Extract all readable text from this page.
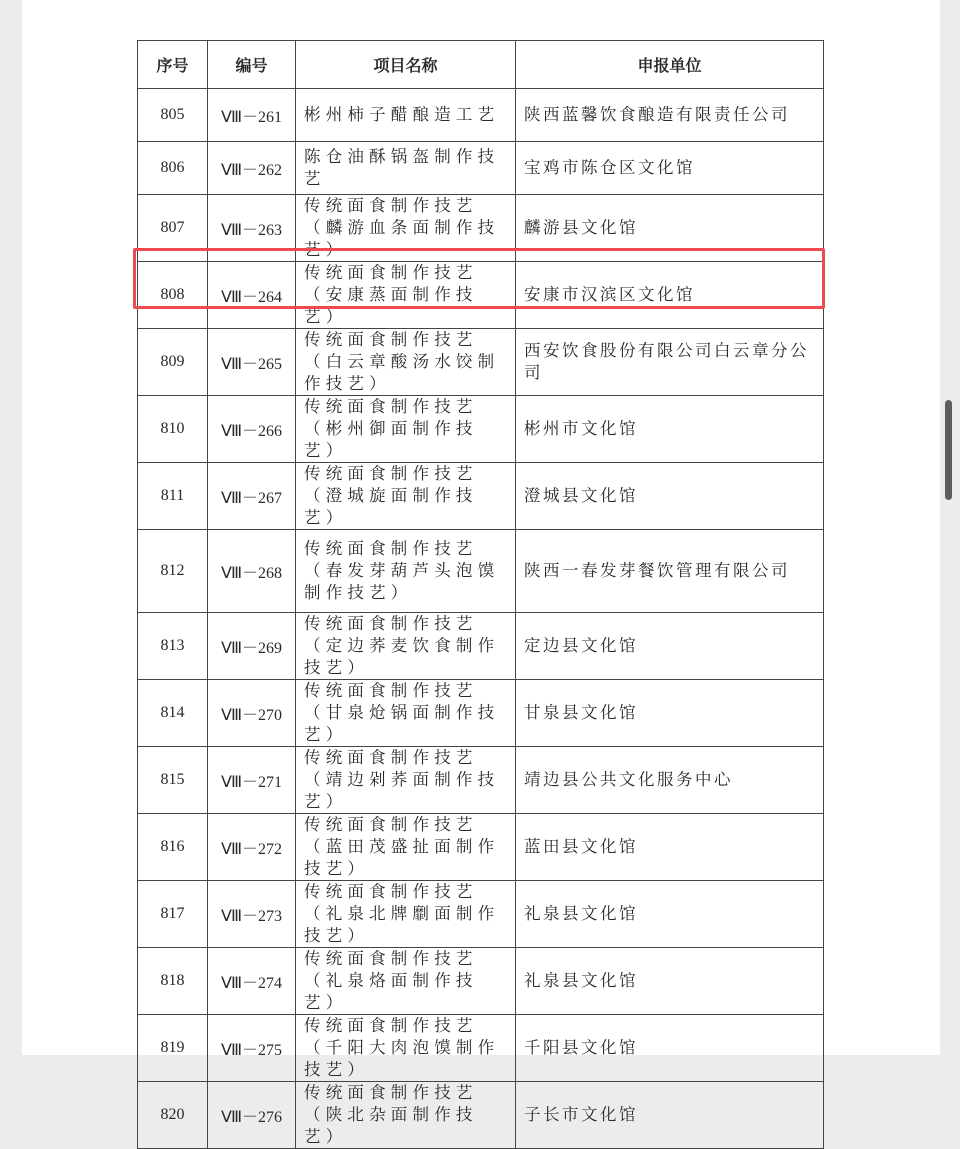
序号	编号	项目名称	申报单位
805	Ⅷ－261	彬州柿子醋酿造工艺	陕西蓝馨饮食酿造有限责任公司
806	Ⅷ－262	陈仓油酥锅盔制作技艺	宝鸡市陈仓区文化馆
807	Ⅷ－263	传统面食制作技艺（麟游血条面制作技艺）	麟游县文化馆
808	Ⅷ－264	传统面食制作技艺（安康蒸面制作技艺）	安康市汉滨区文化馆
809	Ⅷ－265	传统面食制作技艺（白云章酸汤水饺制作技艺）	西安饮食股份有限公司白云章分公司
810	Ⅷ－266	传统面食制作技艺（彬州御面制作技艺）	彬州市文化馆
811	Ⅷ－267	传统面食制作技艺（澄城旋面制作技艺）	澄城县文化馆
812	Ⅷ－268	传统面食制作技艺（春发芽葫芦头泡馍制作技艺）	陕西一春发芽餐饮管理有限公司
813	Ⅷ－269	传统面食制作技艺（定边荞麦饮食制作技艺）	定边县文化馆
814	Ⅷ－270	传统面食制作技艺（甘泉炝锅面制作技艺）	甘泉县文化馆
815	Ⅷ－271	传统面食制作技艺（靖边剁荞面制作技艺）	靖边县公共文化服务中心
816	Ⅷ－272	传统面食制作技艺（蓝田茂盛扯面制作技艺）	蓝田县文化馆
817	Ⅷ－273	传统面食制作技艺（礼泉北牌劘面制作技艺）	礼泉县文化馆
818	Ⅷ－274	传统面食制作技艺（礼泉烙面制作技艺）	礼泉县文化馆
819	Ⅷ－275	传统面食制作技艺（千阳大肉泡馍制作技艺）	千阳县文化馆
820	Ⅷ－276	传统面食制作技艺（陕北杂面制作技艺）	子长市文化馆
